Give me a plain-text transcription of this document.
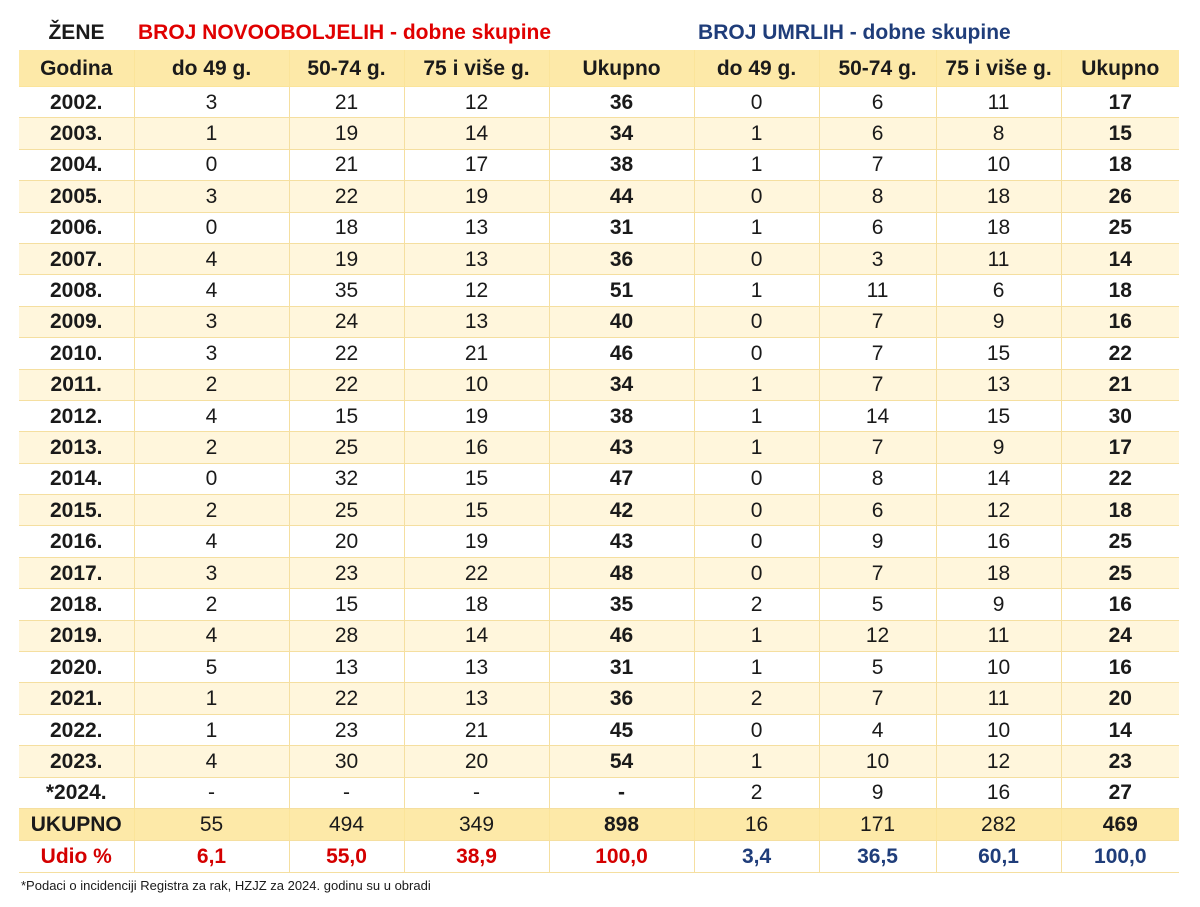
ŽENE	BROJ NOVOOBOLJELIH - dobne skupine				BROJ UMRLIH - dobne skupine			
Godina	do 49 g.	50-74 g.	75 i više g.	Ukupno	do 49 g.	50-74 g.	75 i više g.	Ukupno
2002.	3	21	12	36	0	6	11	17
2003.	1	19	14	34	1	6	8	15
2004.	0	21	17	38	1	7	10	18
2005.	3	22	19	44	0	8	18	26
2006.	0	18	13	31	1	6	18	25
2007.	4	19	13	36	0	3	11	14
2008.	4	35	12	51	1	11	6	18
2009.	3	24	13	40	0	7	9	16
2010.	3	22	21	46	0	7	15	22
2011.	2	22	10	34	1	7	13	21
2012.	4	15	19	38	1	14	15	30
2013.	2	25	16	43	1	7	9	17
2014.	0	32	15	47	0	8	14	22
2015.	2	25	15	42	0	6	12	18
2016.	4	20	19	43	0	9	16	25
2017.	3	23	22	48	0	7	18	25
2018.	2	15	18	35	2	5	9	16
2019.	4	28	14	46	1	12	11	24
2020.	5	13	13	31	1	5	10	16
2021.	1	22	13	36	2	7	11	20
2022.	1	23	21	45	0	4	10	14
2023.	4	30	20	54	1	10	12	23
*2024.	-	-	-	-	2	9	16	27
UKUPNO	55	494	349	898	16	171	282	469
Udio %	6,1	55,0	38,9	100,0	3,4	36,5	60,1	100,0
*Podaci o incidenciji Registra za rak, HZJZ za 2024. godinu su u obradi
